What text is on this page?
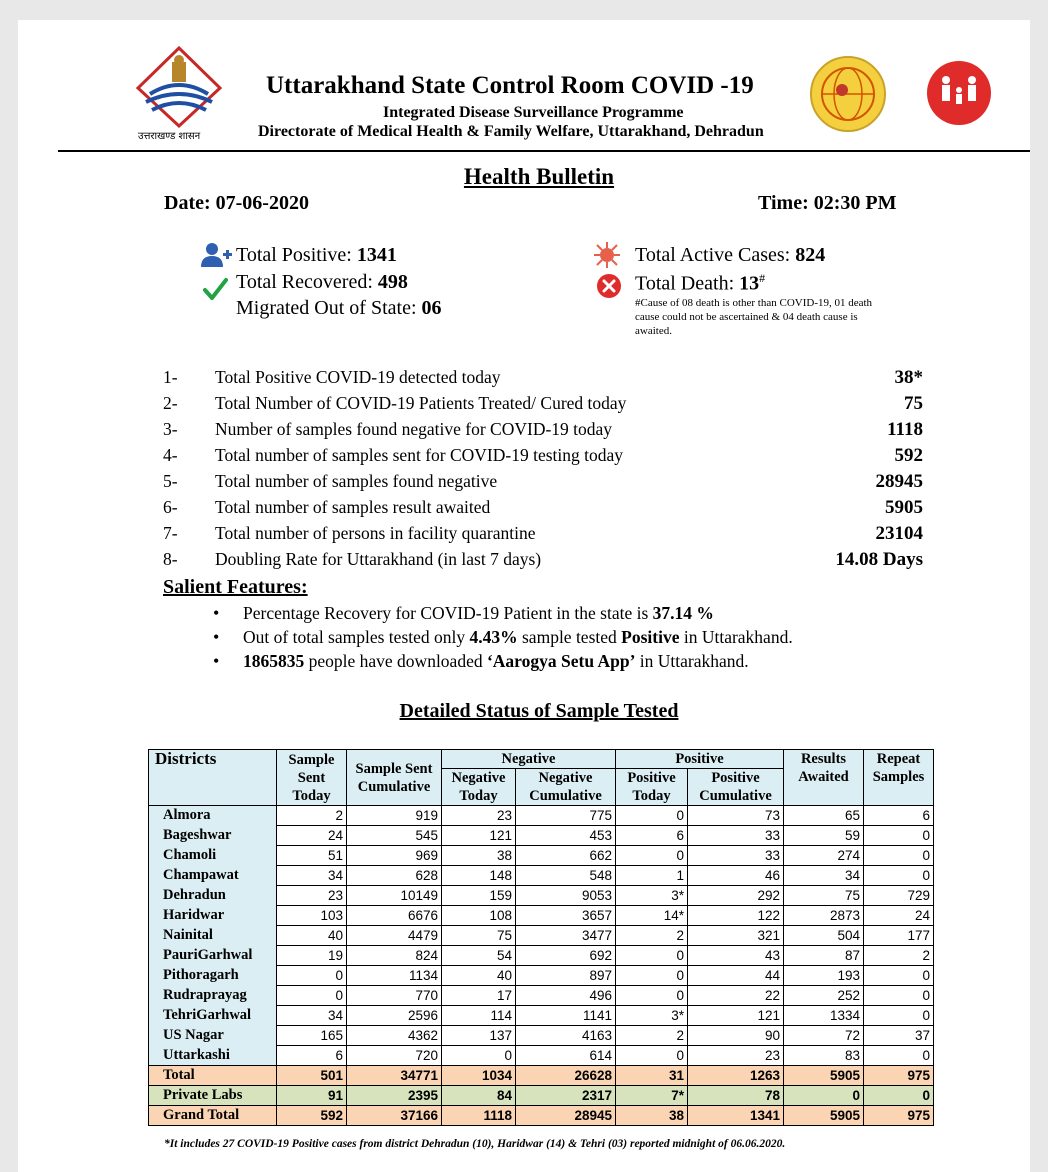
उत्तराखण्ड शासन
Uttarakhand State Control Room COVID -19
Integrated Disease Surveillance Programme
Directorate of Medical Health & Family Welfare, Uttarakhand, Dehradun
Health Bulletin
Date: 07-06-2020	Time: 02:30 PM
Total Positive: 1341
Total Recovered: 498
Migrated Out of State: 06
Total Active Cases: 824
Total Death: 13#
#Cause of 08 death is other than COVID-19, 01 death cause could not be ascertained & 04 death cause is awaited.
1- Total Positive COVID-19 detected today	38*
2- Total Number of COVID-19 Patients Treated/ Cured today	75
3- Number of samples found negative for COVID-19 today	1118
4- Total number of samples sent for COVID-19 testing today	592
5- Total number of samples found negative	28945
6- Total number of samples result awaited	5905
7- Total number of persons in facility quarantine	23104
8- Doubling Rate for Uttarakhand (in last 7 days)	14.08 Days
Salient Features:
• Percentage Recovery for COVID-19 Patient in the state is 37.14 %
• Out of total samples tested only 4.43% sample tested Positive in Uttarakhand.
• 1865835 people have downloaded ‘Aarogya Setu App’ in Uttarakhand.
Detailed Status of Sample Tested
Districts	Sample Sent Today	Sample Sent Cumulative	Negative		Positive		Results Awaited	Repeat Samples
			Negative Today	Negative Cumulative	Positive Today	Positive Cumulative		

Almora	2	919	23	775	0	73	65	6
Bageshwar	24	545	121	453	6	33	59	0
Chamoli	51	969	38	662	0	33	274	0
Champawat	34	628	148	548	1	46	34	0
Dehradun	23	10149	159	9053	3*	292	75	729
Haridwar	103	6676	108	3657	14*	122	2873	24
Nainital	40	4479	75	3477	2	321	504	177
PauriGarhwal	19	824	54	692	0	43	87	2
Pithoragarh	0	1134	40	897	0	44	193	0
Rudraprayag	0	770	17	496	0	22	252	0
TehriGarhwal	34	2596	114	1141	3*	121	1334	0
US Nagar	165	4362	137	4163	2	90	72	37
Uttarkashi	6	720	0	614	0	23	83	0
Total	501	34771	1034	26628	31	1263	5905	975
Private Labs	91	2395	84	2317	7*	78	0	0
Grand Total	592	37166	1118	28945	38	1341	5905	975
*It includes 27 COVID-19 Positive cases from district Dehradun (10), Haridwar (14) & Tehri (03) reported midnight of 06.06.2020.
